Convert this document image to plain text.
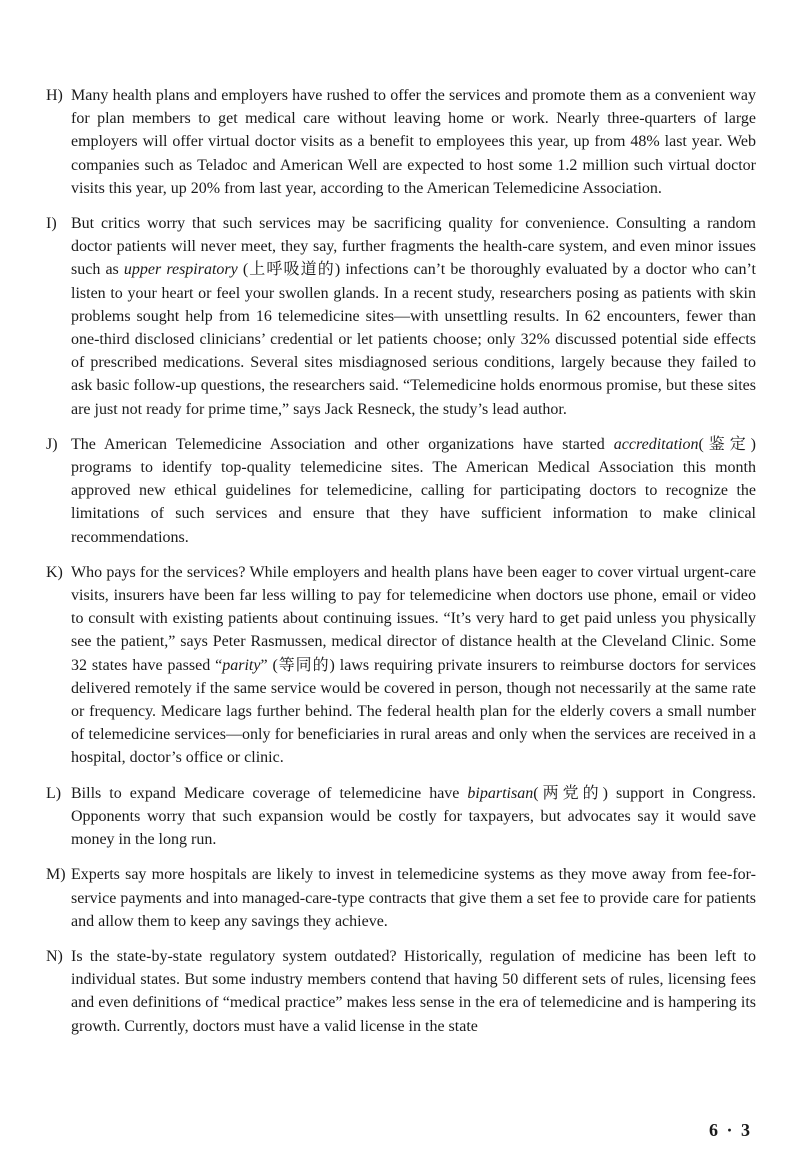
H) Many health plans and employers have rushed to offer the services and promote them as a convenient way for plan members to get medical care without leaving home or work. Nearly three-quarters of large employers will offer virtual doctor visits as a benefit to employees this year, up from 48% last year. Web companies such as Teladoc and American Well are expected to host some 1.2 million such virtual doctor visits this year, up 20% from last year, according to the American Telemedicine Association.

I) But critics worry that such services may be sacrificing quality for convenience. Consulting a random doctor patients will never meet, they say, further fragments the health-care system, and even minor issues such as upper respiratory (上呼吸道的) infections can’t be thoroughly evaluated by a doctor who can’t listen to your heart or feel your swollen glands. In a recent study, researchers posing as patients with skin problems sought help from 16 telemedicine sites—with unsettling results. In 62 encounters, fewer than one-third disclosed clinicians’ credential or let patients choose; only 32% discussed potential side effects of prescribed medications. Several sites misdiagnosed serious conditions, largely because they failed to ask basic follow-up questions, the researchers said. “Telemedicine holds enormous promise, but these sites are just not ready for prime time,” says Jack Resneck, the study’s lead author.

J) The American Telemedicine Association and other organizations have started accreditation(鉴定) programs to identify top-quality telemedicine sites. The American Medical Association this month approved new ethical guidelines for telemedicine, calling for participating doctors to recognize the limitations of such services and ensure that they have sufficient information to make clinical recommendations.

K) Who pays for the services? While employers and health plans have been eager to cover virtual urgent-care visits, insurers have been far less willing to pay for telemedicine when doctors use phone, email or video to consult with existing patients about continuing issues. “It’s very hard to get paid unless you physically see the patient,” says Peter Rasmussen, medical director of distance health at the Cleveland Clinic. Some 32 states have passed “parity” (等同的) laws requiring private insurers to reimburse doctors for services delivered remotely if the same service would be covered in person, though not necessarily at the same rate or frequency. Medicare lags further behind. The federal health plan for the elderly covers a small number of telemedicine services—only for beneficiaries in rural areas and only when the services are received in a hospital, doctor’s office or clinic.

L) Bills to expand Medicare coverage of telemedicine have bipartisan(两党的) support in Congress. Opponents worry that such expansion would be costly for taxpayers, but advocates say it would save money in the long run.

M) Experts say more hospitals are likely to invest in telemedicine systems as they move away from fee-for-service payments and into managed-care-type contracts that give them a set fee to provide care for patients and allow them to keep any savings they achieve.

N) Is the state-by-state regulatory system outdated? Historically, regulation of medicine has been left to individual states. But some industry members contend that having 50 different sets of rules, licensing fees and even definitions of “medical practice” makes less sense in the era of telemedicine and is hampering its growth. Currently, doctors must have a valid license in the state

6 · 3
